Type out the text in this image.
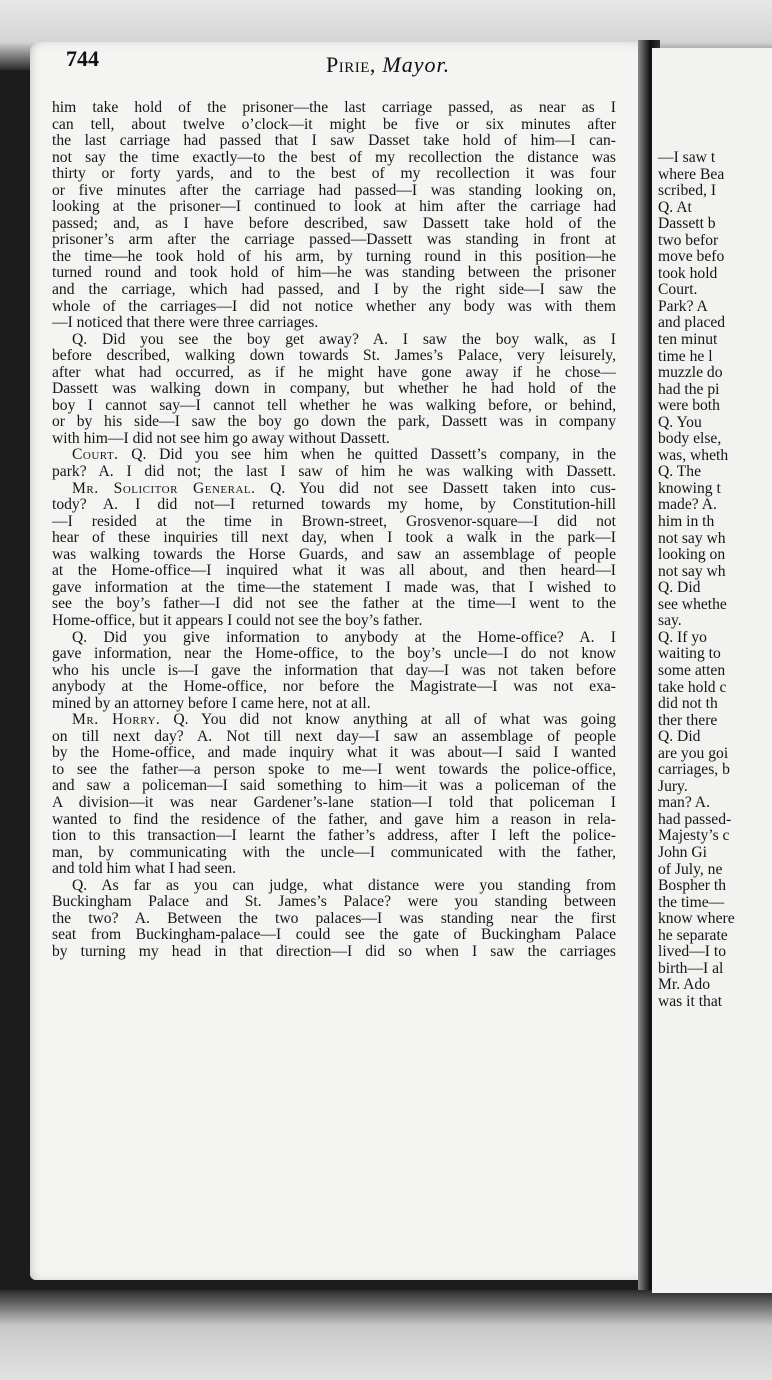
—I saw t
where Bea
scribed, I
Q. At
Dassett b
two befor
move befo
took hold
Court.
Park? A
and placed
ten minut
time he l
muzzle do
had the pi
were both
Q. You
body else,
was, wheth
Q. The
knowing t
made? A.
him in th
not say wh
looking on
not say wh
Q. Did
see whethe
say.
Q. If yo
waiting to
some atten
take hold c
did not th
ther there
Q. Did
are you goi
carriages, b
Jury.
man? A.
had passed-
Majesty’s c
John Gi
of July, ne
Bospher th
the time—
know where
he separate
lived—I to
birth—I al
Mr. Ado
was it that
744	Pirie, Mayor.
him take hold of the prisoner—the last carriage passed, as near as I
can tell, about twelve o’clock—it might be five or six minutes after
the last carriage had passed that I saw Dasset take hold of him—I can-
not say the time exactly—to the best of my recollection the distance was
thirty or forty yards, and to the best of my recollection it was four
or five minutes after the carriage had passed—I was standing looking on,
looking at the prisoner—I continued to look at him after the carriage had
passed; and, as I have before described, saw Dassett take hold of the
prisoner’s arm after the carriage passed—Dassett was standing in front at
the time—he took hold of his arm, by turning round in this position—he
turned round and took hold of him—he was standing between the prisoner
and the carriage, which had passed, and I by the right side—I saw the
whole of the carriages—I did not notice whether any body was with them
—I noticed that there were three carriages.
Q. Did you see the boy get away? A. I saw the boy walk, as I
before described, walking down towards St. James’s Palace, very leisurely,
after what had occurred, as if he might have gone away if he chose—
Dassett was walking down in company, but whether he had hold of the
boy I cannot say—I cannot tell whether he was walking before, or behind,
or by his side—I saw the boy go down the park, Dassett was in company
with him—I did not see him go away without Dassett.
Court. Q. Did you see him when he quitted Dassett’s company, in the
park? A. I did not; the last I saw of him he was walking with Dassett.
Mr. Solicitor General. Q. You did not see Dassett taken into cus-
tody? A. I did not—I returned towards my home, by Constitution-hill
—I resided at the time in Brown-street, Grosvenor-square—I did not
hear of these inquiries till next day, when I took a walk in the park—I
was walking towards the Horse Guards, and saw an assemblage of people
at the Home-office—I inquired what it was all about, and then heard—I
gave information at the time—the statement I made was, that I wished to
see the boy’s father—I did not see the father at the time—I went to the
Home-office, but it appears I could not see the boy’s father.
Q. Did you give information to anybody at the Home-office? A. I
gave information, near the Home-office, to the boy’s uncle—I do not know
who his uncle is—I gave the information that day—I was not taken before
anybody at the Home-office, nor before the Magistrate—I was not exa-
mined by an attorney before I came here, not at all.
Mr. Horry. Q. You did not know anything at all of what was going
on till next day? A. Not till next day—I saw an assemblage of people
by the Home-office, and made inquiry what it was about—I said I wanted
to see the father—a person spoke to me—I went towards the police-office,
and saw a policeman—I said something to him—it was a policeman of the
A division—it was near Gardener’s-lane station—I told that policeman I
wanted to find the residence of the father, and gave him a reason in rela-
tion to this transaction—I learnt the father’s address, after I left the police-
man, by communicating with the uncle—I communicated with the father,
and told him what I had seen.
Q. As far as you can judge, what distance were you standing from
Buckingham Palace and St. James’s Palace? were you standing between
the two? A. Between the two palaces—I was standing near the first
seat from Buckingham-palace—I could see the gate of Buckingham Palace
by turning my head in that direction—I did so when I saw the carriages
